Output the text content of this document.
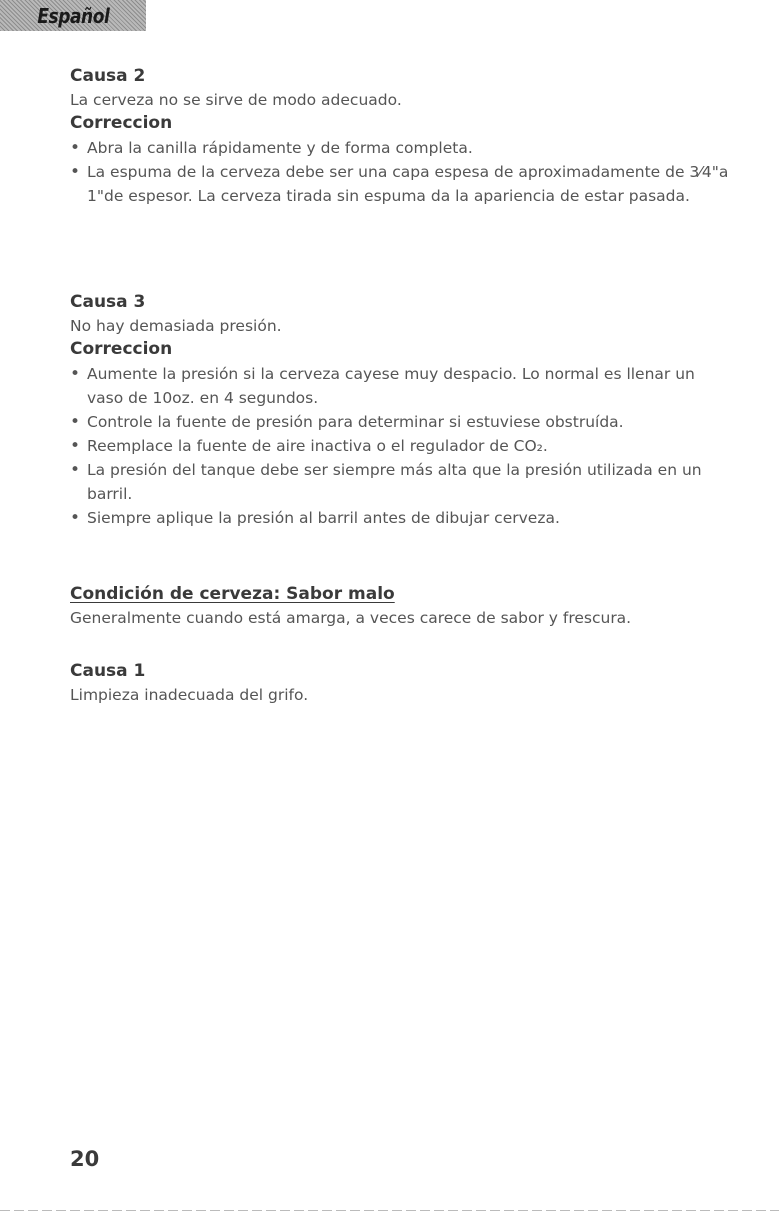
Español

Causa 2

La cerveza no se sirve de modo adecuado.

Correccion

• Abra la canilla rápidamente y de forma completa.
• La espuma de la cerveza debe ser una capa espesa de aproximadamente de 3⁄4"a 1"de espesor. La cerveza tirada sin espuma da la apariencia de estar pasada.

Causa 3

No hay demasiada presión.

Correccion

• Aumente la presión si la cerveza cayese muy despacio. Lo normal es llenar un vaso de 10oz. en 4 segundos.
• Controle la fuente de presión para determinar si estuviese obstruída.
• Reemplace la fuente de aire inactiva o el regulador de CO₂.
• La presión del tanque debe ser siempre más alta que la presión utilizada en un barril.
• Siempre aplique la presión al barril antes de dibujar cerveza.

Condición de cerveza: Sabor malo

Generalmente cuando está amarga, a veces carece de sabor y frescura.

Causa 1

Limpieza inadecuada del grifo.

20
